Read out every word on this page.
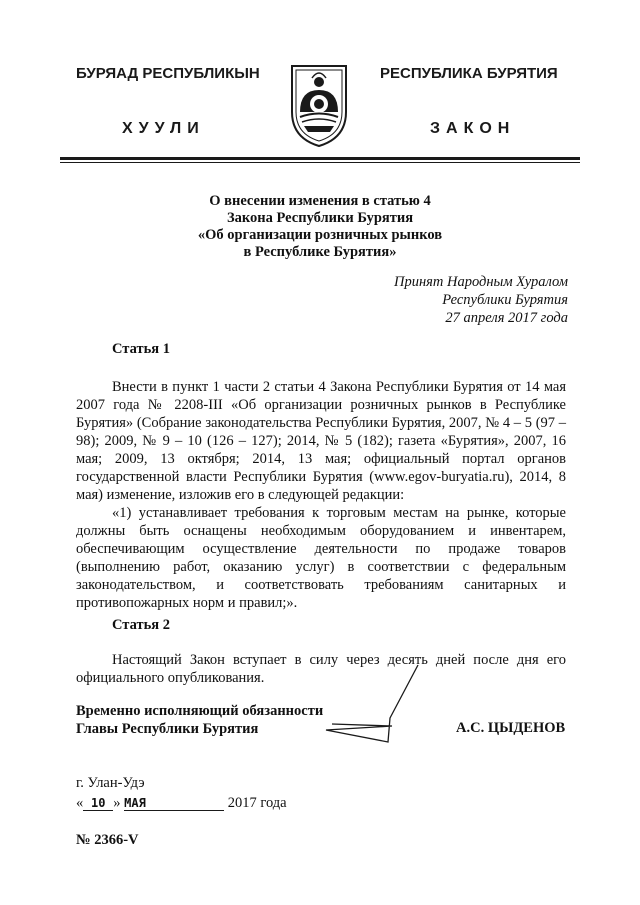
БУРЯАД РЕСПУБЛИКЫН
ХУУЛИ
РЕСПУБЛИКА БУРЯТИЯ
ЗАКОН
О внесении изменения в статью 4
Закона Республики Бурятия
«Об организации розничных рынков
в Республике Бурятия»
Принят Народным Хуралом
Республики Бурятия
27 апреля 2017 года
Статья 1

Внести в пункт 1 части 2 статьи 4 Закона Республики Бурятия от 14 мая 2007 года № 2208-III «Об организации розничных рынков в Республике Бурятия» (Собрание законодательства Республики Бурятия, 2007, № 4 – 5 (97 – 98); 2009, № 9 – 10 (126 – 127); 2014, № 5 (182); газета «Бурятия», 2007, 16 мая; 2009, 13 октября; 2014, 13 мая; официальный портал органов государственной власти Республики Бурятия (www.egov-buryatia.ru), 2014, 8 мая) изменение, изложив его в следующей редакции:

«1) устанавливает требования к торговым местам на рынке, которые должны быть оснащены необходимым оборудованием и инвентарем, обеспечивающим осуществление деятельности по продаже товаров (выполнению работ, оказанию услуг) в соответствии с федеральным законодательством, и соответствовать требованиям санитарных и противопожарных норм и правил;».

Статья 2

Настоящий Закон вступает в силу через десять дней после дня его официального опубликования.

Временно исполняющий обязанности
Главы Республики Бурятия	А.С. ЦЫДЕНОВ
г. Улан-Удэ
« 10 » МАЯ	2017 года
№ 2366-V
